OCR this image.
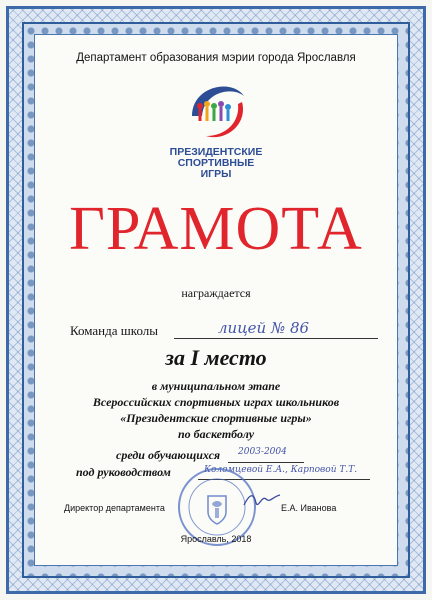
Департамент образования мэрии города Ярославля
ПРЕЗИДЕНТСКИЕ
СПОРТИВНЫЕ
ИГРЫ
ГРАМОТА
награждается
Команда школы	лицей № 86
за I место
в муниципальном этапе
Всероссийских спортивных играх школьников
«Президентские спортивные игры»
по баскетболу
среди обучающихся 2003-2004
под руководством	Коломцевой Е.А., Карповой Т.Т.
Директор департамента	Е.А. Иванова
Ярославль, 2018
